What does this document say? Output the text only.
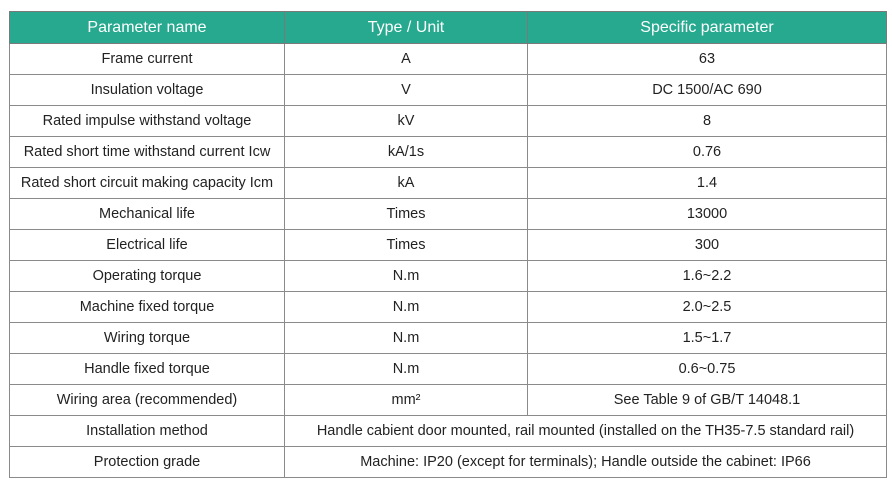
Parameter name	Type / Unit	Specific parameter
Frame current	A	63
Insulation voltage	V	DC 1500/AC 690
Rated impulse withstand voltage	kV	8
Rated short time withstand current Icw	kA/1s	0.76
Rated short circuit making capacity Icm	kA	1.4
Mechanical life	Times	13000
Electrical life	Times	300
Operating torque	N.m	1.6~2.2
Machine fixed torque	N.m	2.0~2.5
Wiring torque	N.m	1.5~1.7
Handle fixed torque	N.m	0.6~0.75
Wiring area (recommended)	mm²	See Table 9 of GB/T 14048.1
Installation method	Handle cabient door mounted, rail mounted (installed on the TH35-7.5 standard rail)	
Protection grade	Machine: IP20 (except for terminals); Handle outside the cabinet: IP66	
